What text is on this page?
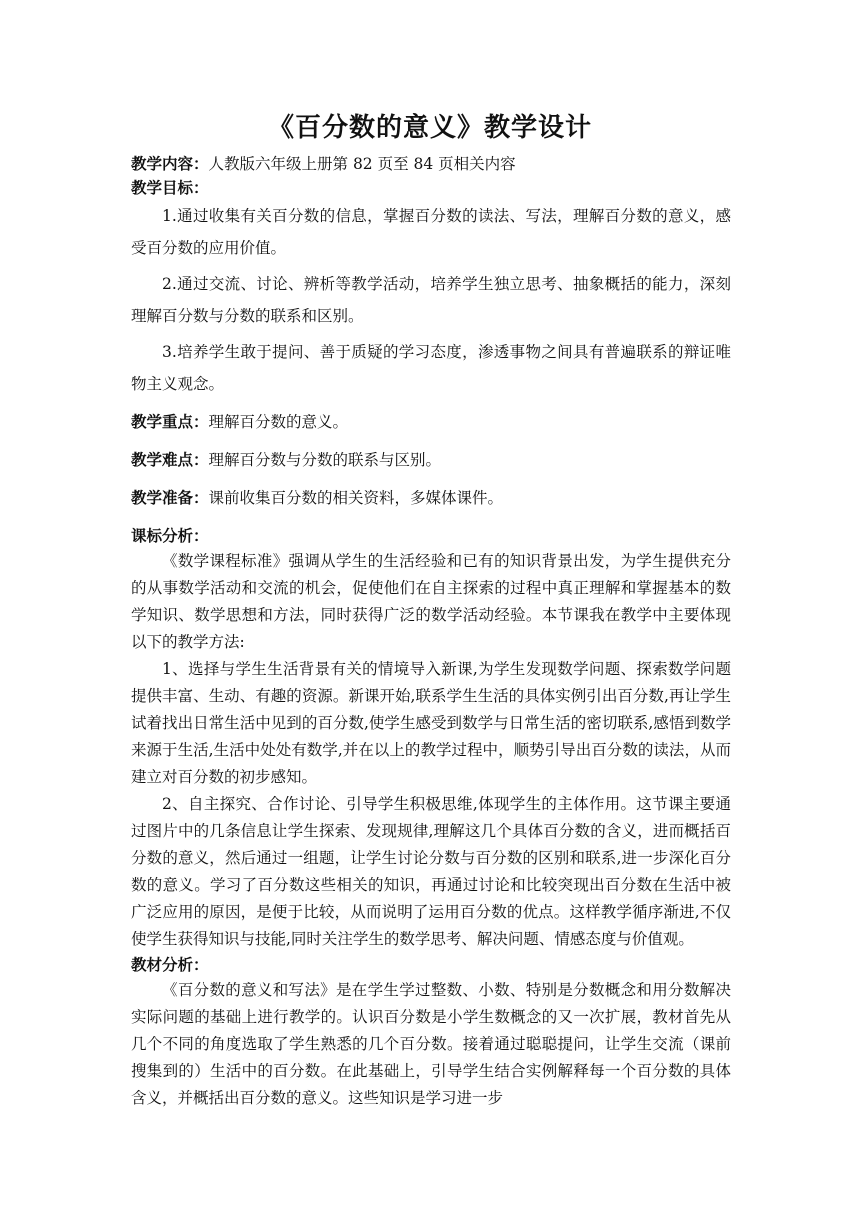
《百分数的意义》教学设计

教学内容：人教版六年级上册第 82 页至 84 页相关内容

教学目标：

1.通过收集有关百分数的信息，掌握百分数的读法、写法，理解百分数的意义，感受百分数的应用价值。

2.通过交流、讨论、辨析等教学活动，培养学生独立思考、抽象概括的能力，深刻理解百分数与分数的联系和区别。

3.培养学生敢于提问、善于质疑的学习态度，渗透事物之间具有普遍联系的辩证唯物主义观念。

教学重点：理解百分数的意义。

教学难点：理解百分数与分数的联系与区别。

教学准备：课前收集百分数的相关资料，多媒体课件。

课标分析：

《数学课程标准》强调从学生的生活经验和已有的知识背景出发，为学生提供充分的从事数学活动和交流的机会，促使他们在自主探索的过程中真正理解和掌握基本的数学知识、数学思想和方法，同时获得广泛的数学活动经验。本节课我在教学中主要体现以下的教学方法:

1、选择与学生生活背景有关的情境导入新课,为学生发现数学问题、探索数学问题提供丰富、生动、有趣的资源。新课开始,联系学生生活的具体实例引出百分数,再让学生试着找出日常生活中见到的百分数,使学生感受到数学与日常生活的密切联系,感悟到数学来源于生活,生活中处处有数学,并在以上的教学过程中，顺势引导出百分数的读法，从而建立对百分数的初步感知。

2、自主探究、合作讨论、引导学生积极思维,体现学生的主体作用。这节课主要通过图片中的几条信息让学生探索、发现规律,理解这几个具体百分数的含义，进而概括百分数的意义，然后通过一组题，让学生讨论分数与百分数的区别和联系,进一步深化百分数的意义。学习了百分数这些相关的知识，再通过讨论和比较突现出百分数在生活中被广泛应用的原因，是便于比较，从而说明了运用百分数的优点。这样教学循序渐进,不仅使学生获得知识与技能,同时关注学生的数学思考、解决问题、情感态度与价值观。

教材分析：

《百分数的意义和写法》是在学生学过整数、小数、特别是分数概念和用分数解决实际问题的基础上进行教学的。认识百分数是小学生数概念的又一次扩展，教材首先从几个不同的角度选取了学生熟悉的几个百分数。接着通过聪聪提问，让学生交流（课前搜集到的）生活中的百分数。在此基础上，引导学生结合实例解释每一个百分数的具体含义，并概括出百分数的意义。这些知识是学习进一步
